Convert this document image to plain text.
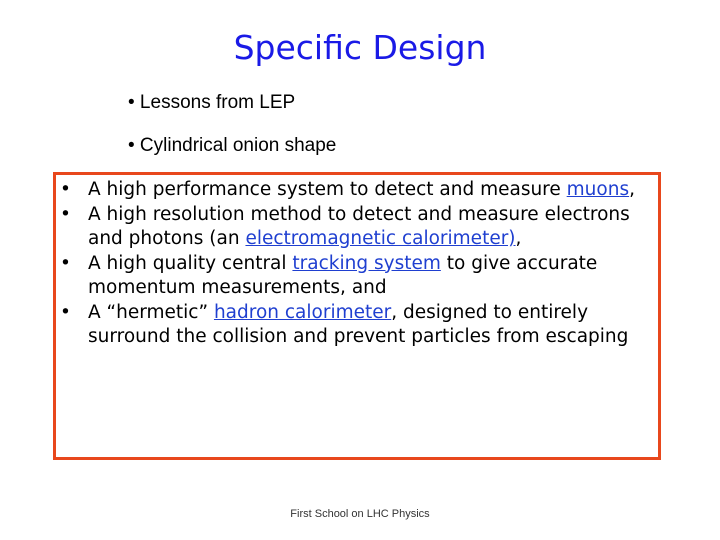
Specific Design
• Lessons from LEP
• Cylindrical onion shape
• A high performance system to detect and measure muons,
• A high resolution method to detect and measure electrons and photons (an electromagnetic calorimeter),
• A high quality central tracking system to give accurate momentum measurements, and
• A “hermetic” hadron calorimeter, designed to entirely surround the collision and prevent particles from escaping
First School on LHC Physics
